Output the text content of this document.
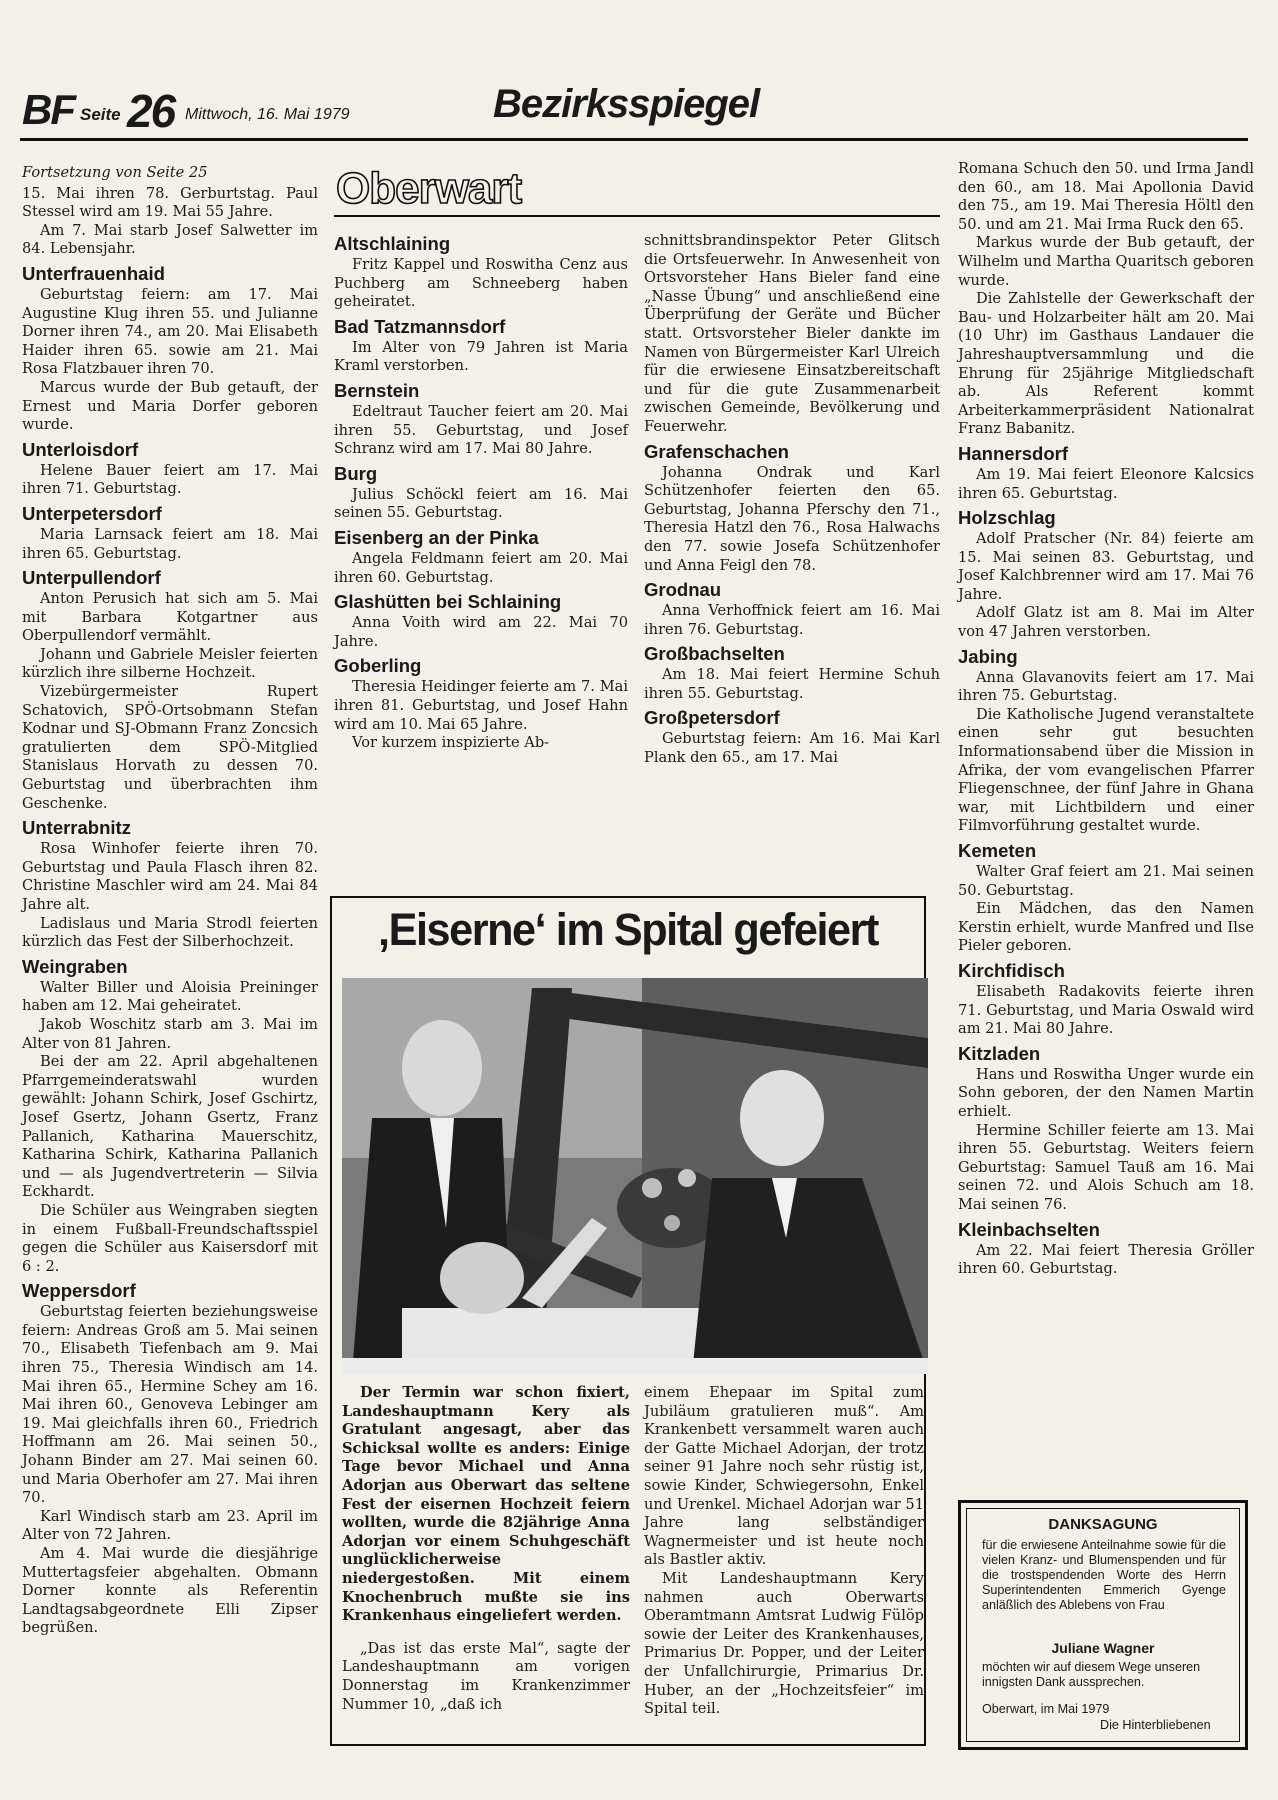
BF Seite 26 Mittwoch, 16. Mai 1979	Bezirksspiegel

Fortsetzung von Seite 25

15. Mai ihren 78. Gerburtstag. Paul Stessel wird am 19. Mai 55 Jahre.

Am 7. Mai starb Josef Salwetter im 84. Lebensjahr.

Unterfrauenhaid

Geburtstag feiern: am 17. Mai Augustine Klug ihren 55. und Julianne Dorner ihren 74., am 20. Mai Elisabeth Haider ihren 65. sowie am 21. Mai Rosa Flatzbauer ihren 70.

Marcus wurde der Bub getauft, der Ernest und Maria Dorfer geboren wurde.

Unterloisdorf

Helene Bauer feiert am 17. Mai ihren 71. Geburtstag.

Unterpetersdorf

Maria Larnsack feiert am 18. Mai ihren 65. Geburtstag.

Unterpullendorf

Anton Perusich hat sich am 5. Mai mit Barbara Kotgartner aus Oberpullendorf vermählt.

Johann und Gabriele Meisler feierten kürzlich ihre silberne Hochzeit.

Vizebürgermeister Rupert Schatovich, SPÖ-Ortsobmann Stefan Kodnar und SJ-Obmann Franz Zoncsich gratulierten dem SPÖ-Mitglied Stanislaus Horvath zu dessen 70. Geburtstag und überbrachten ihm Geschenke.

Unterrabnitz

Rosa Winhofer feierte ihren 70. Geburtstag und Paula Flasch ihren 82. Christine Maschler wird am 24. Mai 84 Jahre alt.

Ladislaus und Maria Strodl feierten kürzlich das Fest der Silberhochzeit.

Weingraben

Walter Biller und Aloisia Preininger haben am 12. Mai geheiratet.

Jakob Woschitz starb am 3. Mai im Alter von 81 Jahren.

Bei der am 22. April abgehaltenen Pfarrgemeinderatswahl wurden gewählt: Johann Schirk, Josef Gschirtz, Josef Gsertz, Johann Gsertz, Franz Pallanich, Katharina Mauerschitz, Katharina Schirk, Katharina Pallanich und — als Jugendvertreterin — Silvia Eckhardt.

Die Schüler aus Weingraben siegten in einem Fußball-Freundschaftsspiel gegen die Schüler aus Kaisersdorf mit 6 : 2.

Weppersdorf

Geburtstag feierten beziehungsweise feiern: Andreas Groß am 5. Mai seinen 70., Elisabeth Tiefenbach am 9. Mai ihren 75., Theresia Windisch am 14. Mai ihren 65., Hermine Schey am 16. Mai ihren 60., Genoveva Lebinger am 19. Mai gleichfalls ihren 60., Friedrich Hoffmann am 26. Mai seinen 50., Johann Binder am 27. Mai seinen 60. und Maria Oberhofer am 27. Mai ihren 70.

Karl Windisch starb am 23. April im Alter von 72 Jahren.

Am 4. Mai wurde die diesjährige Muttertagsfeier abgehalten. Obmann Dorner konnte als Referentin Landtagsabgeordnete Elli Zipser begrüßen.

Oberwart
Altschlaining

Fritz Kappel und Roswitha Cenz aus Puchberg am Schneeberg haben geheiratet.

Bad Tatzmannsdorf

Im Alter von 79 Jahren ist Maria Kraml verstorben.

Bernstein

Edeltraut Taucher feiert am 20. Mai ihren 55. Geburtstag, und Josef Schranz wird am 17. Mai 80 Jahre.

Burg

Julius Schöckl feiert am 16. Mai seinen 55. Geburtstag.

Eisenberg an der Pinka

Angela Feldmann feiert am 20. Mai ihren 60. Geburtstag.

Glashütten bei Schlaining

Anna Voith wird am 22. Mai 70 Jahre.

Goberling

Theresia Heidinger feierte am 7. Mai ihren 81. Geburtstag, und Josef Hahn wird am 10. Mai 65 Jahre.

Vor kurzem inspizierte Ab-

schnittsbrandinspektor Peter Glitsch die Ortsfeuerwehr. In Anwesenheit von Ortsvorsteher Hans Bieler fand eine „Nasse Übung“ und anschließend eine Überprüfung der Geräte und Bücher statt. Ortsvorsteher Bieler dankte im Namen von Bürgermeister Karl Ulreich für die erwiesene Einsatzbereitschaft und für die gute Zusammenarbeit zwischen Gemeinde, Bevölkerung und Feuerwehr.

Grafenschachen

Johanna Ondrak und Karl Schützenhofer feierten den 65. Geburtstag, Johanna Pferschy den 71., Theresia Hatzl den 76., Rosa Halwachs den 77. sowie Josefa Schützenhofer und Anna Feigl den 78.

Grodnau

Anna Verhoffnick feiert am 16. Mai ihren 76. Geburtstag.

Großbachselten

Am 18. Mai feiert Hermine Schuh ihren 55. Geburtstag.

Großpetersdorf

Geburtstag feiern: Am 16. Mai Karl Plank den 65., am 17. Mai

Romana Schuch den 50. und Irma Jandl den 60., am 18. Mai Apollonia David den 75., am 19. Mai Theresia Höltl den 50. und am 21. Mai Irma Ruck den 65.

Markus wurde der Bub getauft, der Wilhelm und Martha Quaritsch geboren wurde.

Die Zahlstelle der Gewerkschaft der Bau- und Holzarbeiter hält am 20. Mai (10 Uhr) im Gasthaus Landauer die Jahreshauptversammlung und die Ehrung für 25jährige Mitgliedschaft ab. Als Referent kommt Arbeiterkammerpräsident Nationalrat Franz Babanitz.

Hannersdorf

Am 19. Mai feiert Eleonore Kalcsics ihren 65. Geburtstag.

Holzschlag

Adolf Pratscher (Nr. 84) feierte am 15. Mai seinen 83. Geburtstag, und Josef Kalchbrenner wird am 17. Mai 76 Jahre.

Adolf Glatz ist am 8. Mai im Alter von 47 Jahren verstorben.

Jabing

Anna Glavanovits feiert am 17. Mai ihren 75. Geburtstag.

Die Katholische Jugend veranstaltete einen sehr gut besuchten Informationsabend über die Mission in Afrika, der vom evangelischen Pfarrer Fliegenschnee, der fünf Jahre in Ghana war, mit Lichtbildern und einer Filmvorführung gestaltet wurde.

Kemeten

Walter Graf feiert am 21. Mai seinen 50. Geburtstag.

Ein Mädchen, das den Namen Kerstin erhielt, wurde Manfred und Ilse Pieler geboren.

Kirchfidisch

Elisabeth Radakovits feierte ihren 71. Geburtstag, und Maria Oswald wird am 21. Mai 80 Jahre.

Kitzladen

Hans und Roswitha Unger wurde ein Sohn geboren, der den Namen Martin erhielt.

Hermine Schiller feierte am 13. Mai ihren 55. Geburtstag. Weiters feiern Geburtstag: Samuel Tauß am 16. Mai seinen 72. und Alois Schuch am 18. Mai seinen 76.

Kleinbachselten

Am 22. Mai feiert Theresia Gröller ihren 60. Geburtstag.

‚Eiserne‘ im Spital gefeiert

Der Termin war schon fixiert, Landeshauptmann Kery als Gratulant angesagt, aber das Schicksal wollte es anders: Einige Tage bevor Michael und Anna Adorjan aus Oberwart das seltene Fest der eisernen Hochzeit feiern wollten, wurde die 82jährige Anna Adorjan vor einem Schuhgeschäft unglücklicherweise niedergestoßen. Mit einem Knochenbruch mußte sie ins Krankenhaus eingeliefert werden.

„Das ist das erste Mal“, sagte der Landeshauptmann am vorigen Donnerstag im Krankenzimmer Nummer 10, „daß ich

einem Ehepaar im Spital zum Jubiläum gratulieren muß“. Am Krankenbett versammelt waren auch der Gatte Michael Adorjan, der trotz seiner 91 Jahre noch sehr rüstig ist, sowie Kinder, Schwiegersohn, Enkel und Urenkel. Michael Adorjan war 51 Jahre lang selbständiger Wagnermeister und ist heute noch als Bastler aktiv.

Mit Landeshauptmann Kery nahmen auch Oberwarts Oberamtmann Amtsrat Ludwig Fülöp sowie der Leiter des Krankenhauses, Primarius Dr. Popper, und der Leiter der Unfallchirurgie, Primarius Dr. Huber, an der „Hochzeitsfeier“ im Spital teil.

DANKSAGUNG
für die erwiesene Anteilnahme sowie für die vielen Kranz- und Blumenspenden und für die trostspendenden Worte des Herrn Superintendenten Emmerich Gyenge anläßlich des Ablebens von Frau
Juliane Wagner
möchten wir auf diesem Wege unseren innigsten Dank aussprechen.
Oberwart, im Mai 1979
Die Hinterbliebenen
